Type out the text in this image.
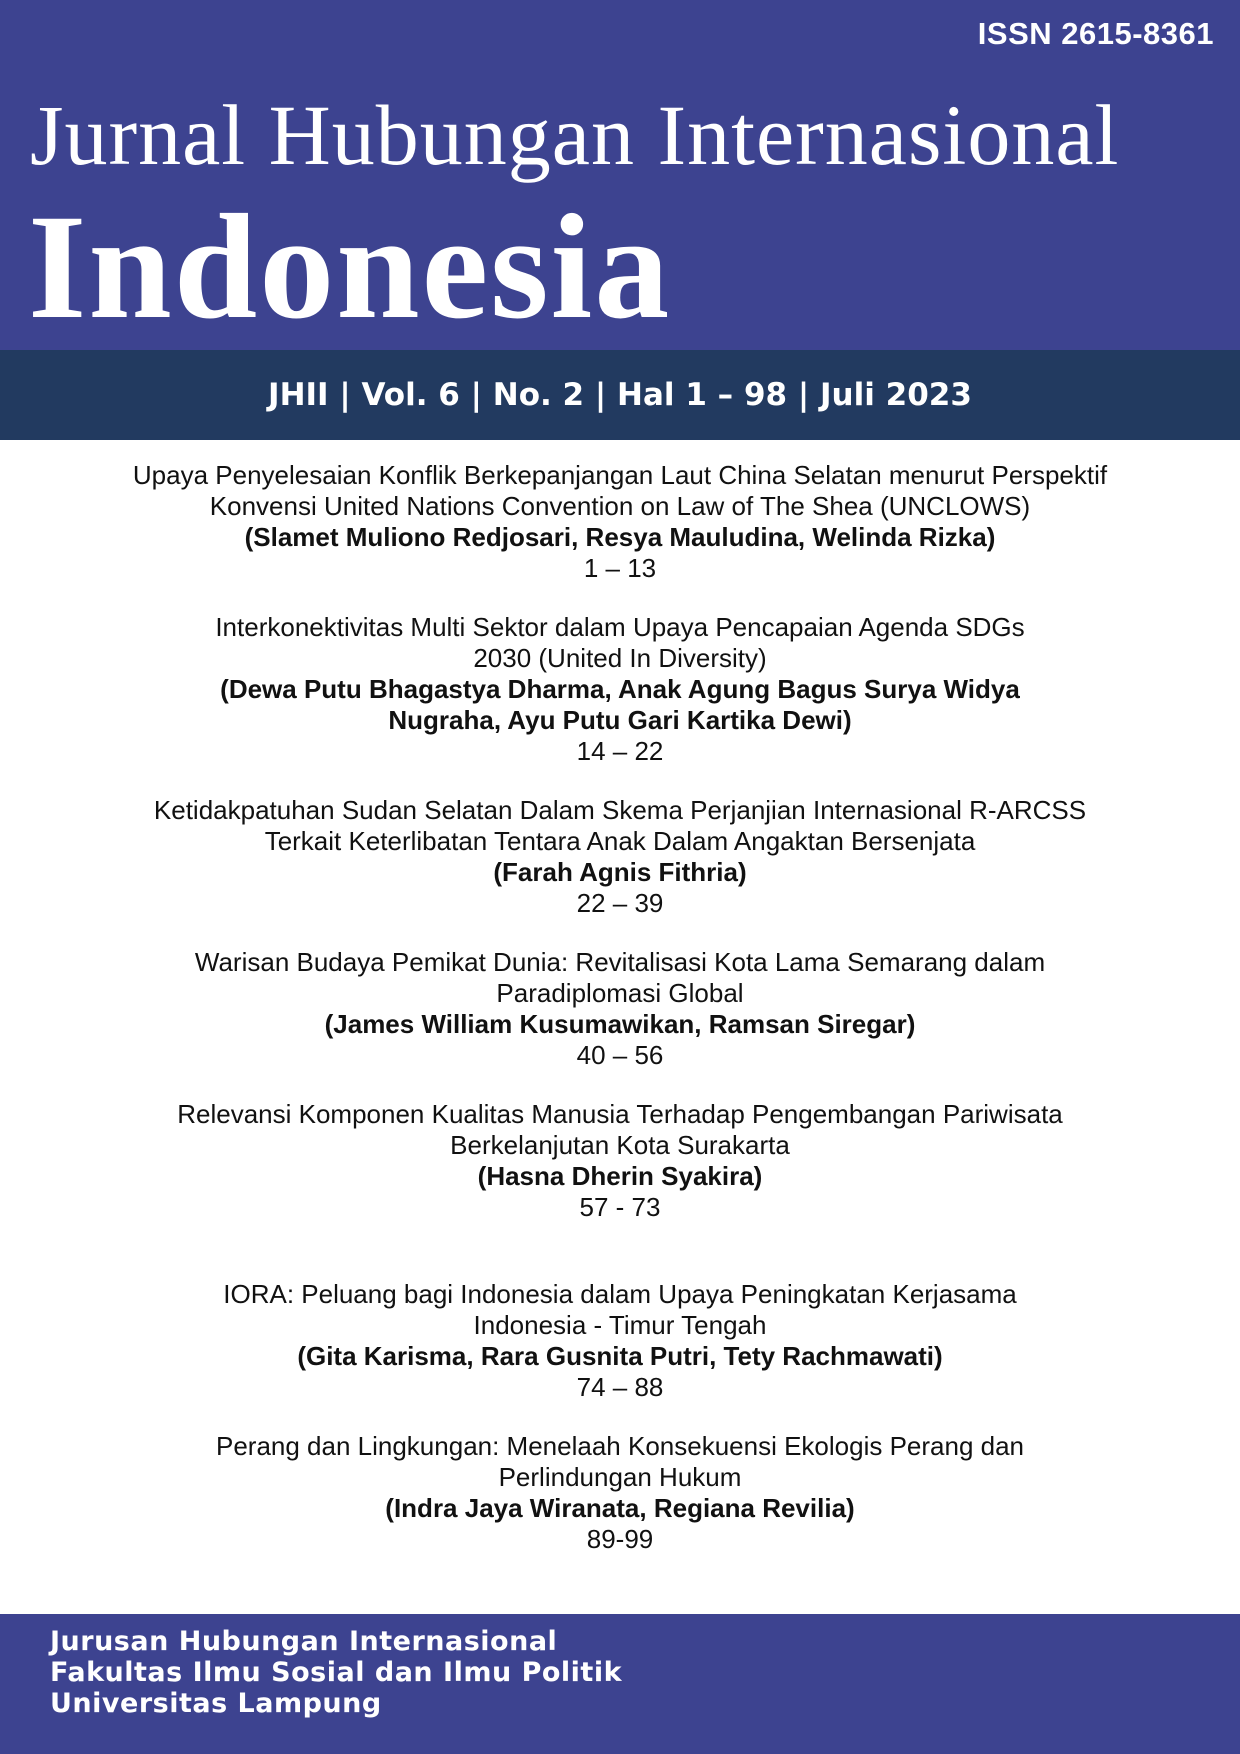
ISSN 2615-8361
Jurnal Hubungan Internasional
Indonesia
JHII | Vol. 6 | No. 2 | Hal 1 – 98 | Juli 2023
Upaya Penyelesaian Konflik Berkepanjangan Laut China Selatan menurut Perspektif Konvensi United Nations Convention on Law of The Shea (UNCLOWS)
(Slamet Muliono Redjosari, Resya Mauludina, Welinda Rizka)
1 – 13
Interkonektivitas Multi Sektor dalam Upaya Pencapaian Agenda SDGs 2030 (United In Diversity)
(Dewa Putu Bhagastya Dharma, Anak Agung Bagus Surya Widya Nugraha, Ayu Putu Gari Kartika Dewi)
14 – 22
Ketidakpatuhan Sudan Selatan Dalam Skema Perjanjian Internasional R-ARCSS Terkait Keterlibatan Tentara Anak Dalam Angaktan Bersenjata
(Farah Agnis Fithria)
22 – 39
Warisan Budaya Pemikat Dunia: Revitalisasi Kota Lama Semarang dalam Paradiplomasi Global
(James William Kusumawikan, Ramsan Siregar)
40 – 56
Relevansi Komponen Kualitas Manusia Terhadap Pengembangan Pariwisata Berkelanjutan Kota Surakarta
(Hasna Dherin Syakira)
57 - 73
IORA: Peluang bagi Indonesia dalam Upaya Peningkatan Kerjasama Indonesia - Timur Tengah
(Gita Karisma, Rara Gusnita Putri, Tety Rachmawati)
74 – 88
Perang dan Lingkungan: Menelaah Konsekuensi Ekologis Perang dan Perlindungan Hukum
(Indra Jaya Wiranata, Regiana Revilia)
89-99
Jurusan Hubungan Internasional
Fakultas Ilmu Sosial dan Ilmu Politik
Universitas Lampung
